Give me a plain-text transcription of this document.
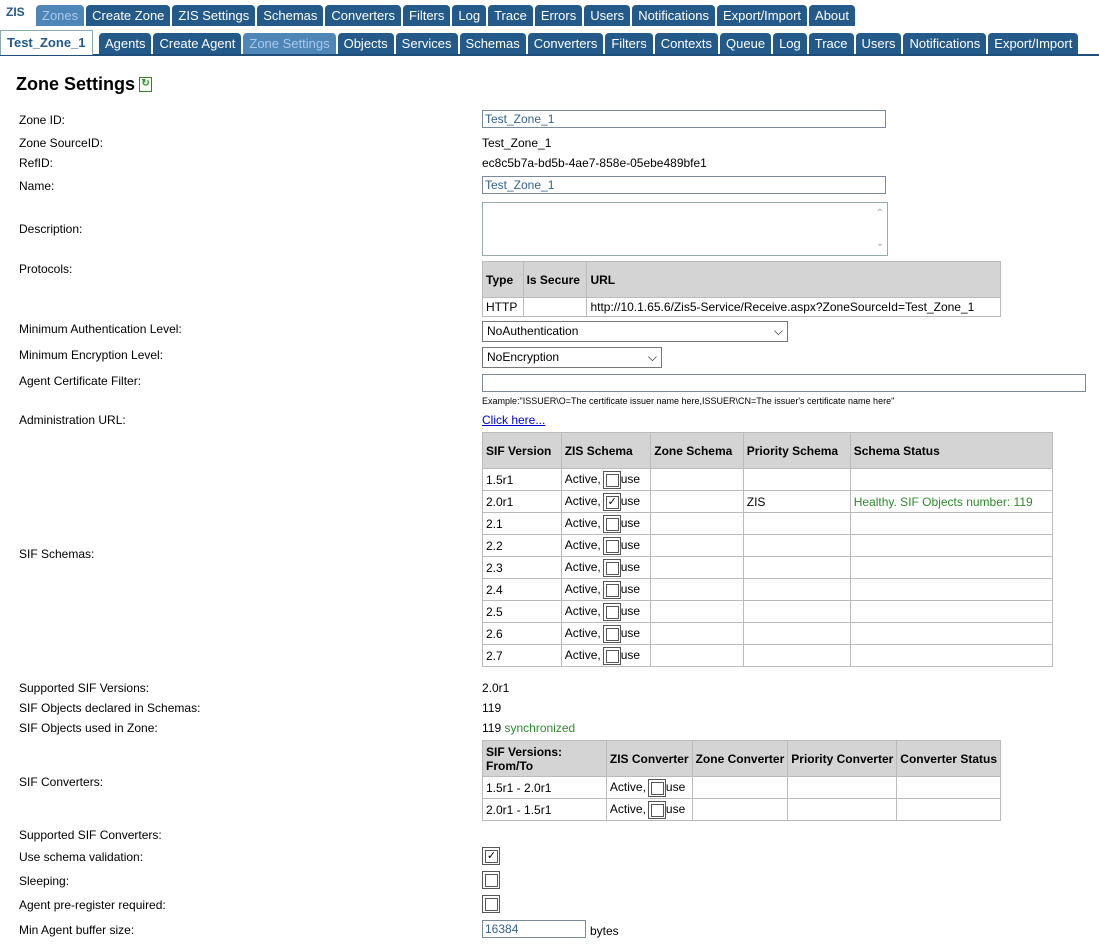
ZIS	Zones	Create Zone	ZIS Settings	Schemas	Converters	Filters	Log	Trace	Errors	Users	Notifications	Export/Import	About
Test_Zone_1	Agents	Create Agent	Zone Settings	Objects	Services	Schemas	Converters	Filters	Contexts	Queue	Log	Trace	Users	Notifications	Export/Import
Zone Settings ↻
Zone ID:	Test_Zone_1
Zone SourceID:	Test_Zone_1
RefID:	ec8c5b7a-bd5b-4ae7-858e-05ebe489bfe1
Name:	Test_Zone_1
Description:
⌃
⌄
Protocols:
Type	Is Secure	URL
HTTP		http://10.1.65.6/Zis5-Service/Receive.aspx?ZoneSourceId=Test_Zone_1
Minimum Authentication Level:	NoAuthentication	⌵
Minimum Encryption Level:	NoEncryption	⌵
Agent Certificate Filter:
Example:"ISSUER\O=The certificate issuer name here,ISSUER\CN=The issuer's certificate name here"
Administration URL:	Click here...
SIF Schemas:
SIF Version	ZIS Schema	Zone Schema	Priority Schema	Schema Status
1.5r1	Active, use			
2.0r1	Active, ✓ use		ZIS	Healthy. SIF Objects number: 119
2.1	Active, use			
2.2	Active, use			
2.3	Active, use			
2.4	Active, use			
2.5	Active, use			
2.6	Active, use			
2.7	Active, use			
Supported SIF Versions:	2.0r1
SIF Objects declared in Schemas:	119
SIF Objects used in Zone:	119 synchronized
SIF Converters:
SIF Versions: From/To	ZIS Converter	Zone Converter	Priority Converter	Converter Status
1.5r1 - 2.0r1	Active, use			
2.0r1 - 1.5r1	Active, use			
Supported SIF Converters:
Use schema validation:	✓
Sleeping:
Agent pre-register required:
Min Agent buffer size:	16384	bytes
